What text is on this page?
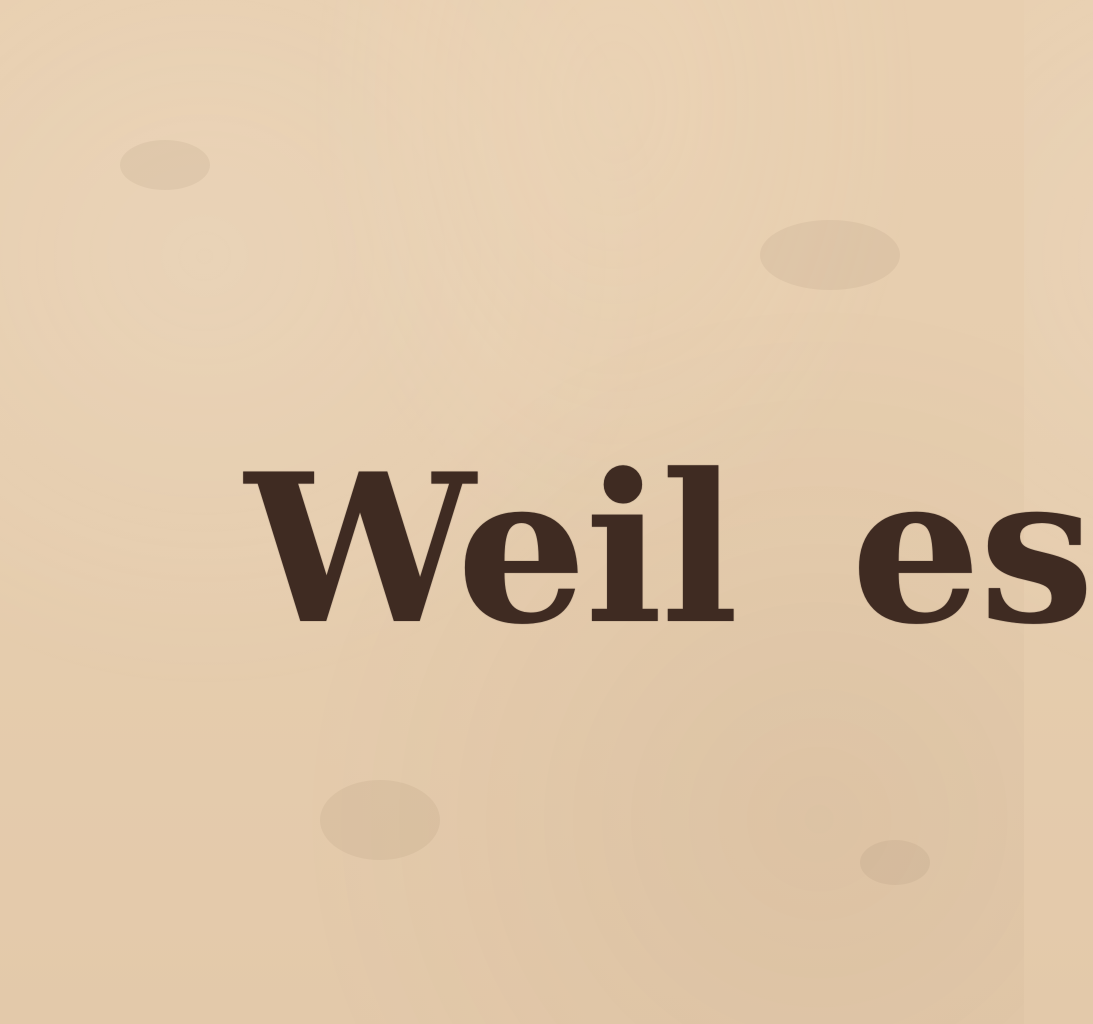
Weil es
